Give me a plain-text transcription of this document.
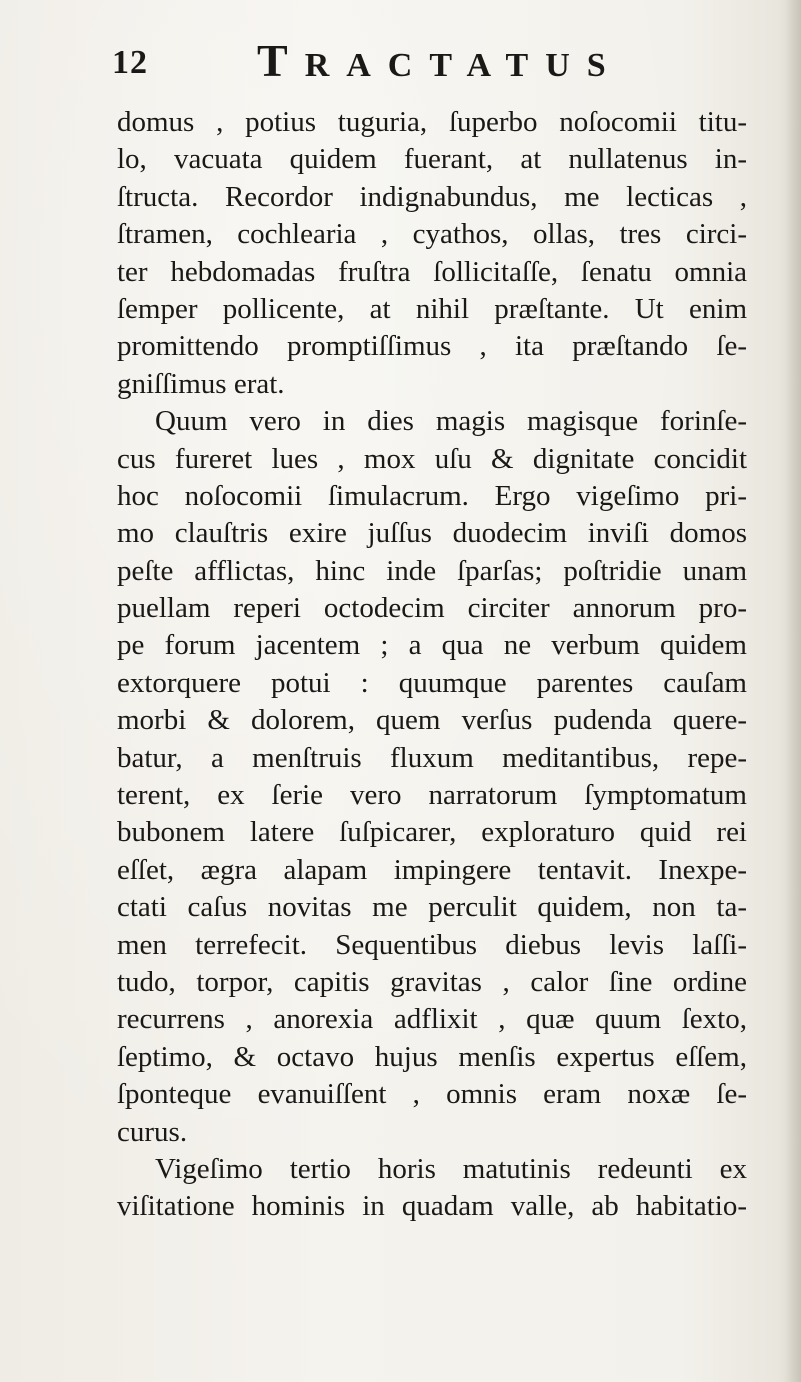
12 TRACTATUS
domus , potius tuguria, ſuperbo noſocomii titu-
lo, vacuata quidem fuerant, at nullatenus in-
ſtructa. Recordor indignabundus, me lecticas ,
ſtramen, cochlearia , cyathos, ollas, tres circi-
ter hebdomadas fruſtra ſollicitaſſe, ſenatu omnia
ſemper pollicente, at nihil præſtante. Ut enim
promittendo promptiſſimus , ita præſtando ſe-
gniſſimus erat.
Quum vero in dies magis magisque forinſe-
cus fureret lues , mox uſu & dignitate concidit
hoc noſocomii ſimulacrum. Ergo vigeſimo pri-
mo clauſtris exire juſſus duodecim inviſi domos
peſte afflictas, hinc inde ſparſas; poſtridie unam
puellam reperi octodecim circiter annorum pro-
pe forum jacentem ; a qua ne verbum quidem
extorquere potui : quumque parentes cauſam
morbi & dolorem, quem verſus pudenda quere-
batur, a menſtruis fluxum meditantibus, repe-
terent, ex ſerie vero narratorum ſymptomatum
bubonem latere ſuſpicarer, exploraturo quid rei
eſſet, ægra alapam impingere tentavit. Inexpe-
ctati caſus novitas me perculit quidem, non ta-
men terrefecit. Sequentibus diebus levis laſſi-
tudo, torpor, capitis gravitas , calor ſine ordine
recurrens , anorexia adflixit , quæ quum ſexto,
ſeptimo, & octavo hujus menſis expertus eſſem,
ſponteque evanuiſſent , omnis eram noxæ ſe-
curus.
Vigeſimo tertio horis matutinis redeunti ex
viſitatione hominis in quadam valle, ab habitatio-
